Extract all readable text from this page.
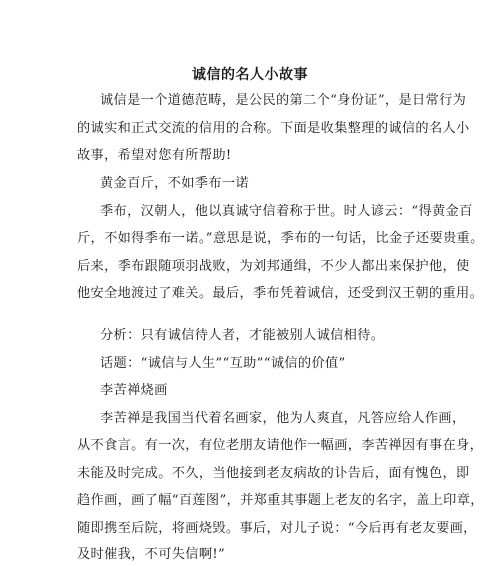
诚信的名人小故事
诚信是一个道德范畴，是公民的第二个“身份证”，是日常行为
的诚实和正式交流的信用的合称。下面是收集整理的诚信的名人小
故事，希望对您有所帮助!
黄金百斤，不如季布一诺
季布，汉朝人，他以真诚守信着称于世。时人谚云：“得黄金百
斤，不如得季布一诺。”意思是说，季布的一句话，比金子还要贵重。
后来，季布跟随项羽战败，为刘邦通缉，不少人都出来保护他，使
他安全地渡过了难关。最后，季布凭着诚信，还受到汉王朝的重用。
分析：只有诚信待人者，才能被别人诚信相待。
话题：“诚信与人生”“互助”“诚信的价值”
李苦禅烧画
李苦禅是我国当代着名画家，他为人爽直，凡答应给人作画，
从不食言。有一次，有位老朋友请他作一幅画，李苦禅因有事在身，
未能及时完成。不久，当他接到老友病故的讣告后，面有愧色，即
趋作画，画了幅“百莲图”，并郑重其事题上老友的名字，盖上印章，
随即携至后院，将画烧毁。事后，对儿子说：“今后再有老友要画，
及时催我，不可失信啊!”
